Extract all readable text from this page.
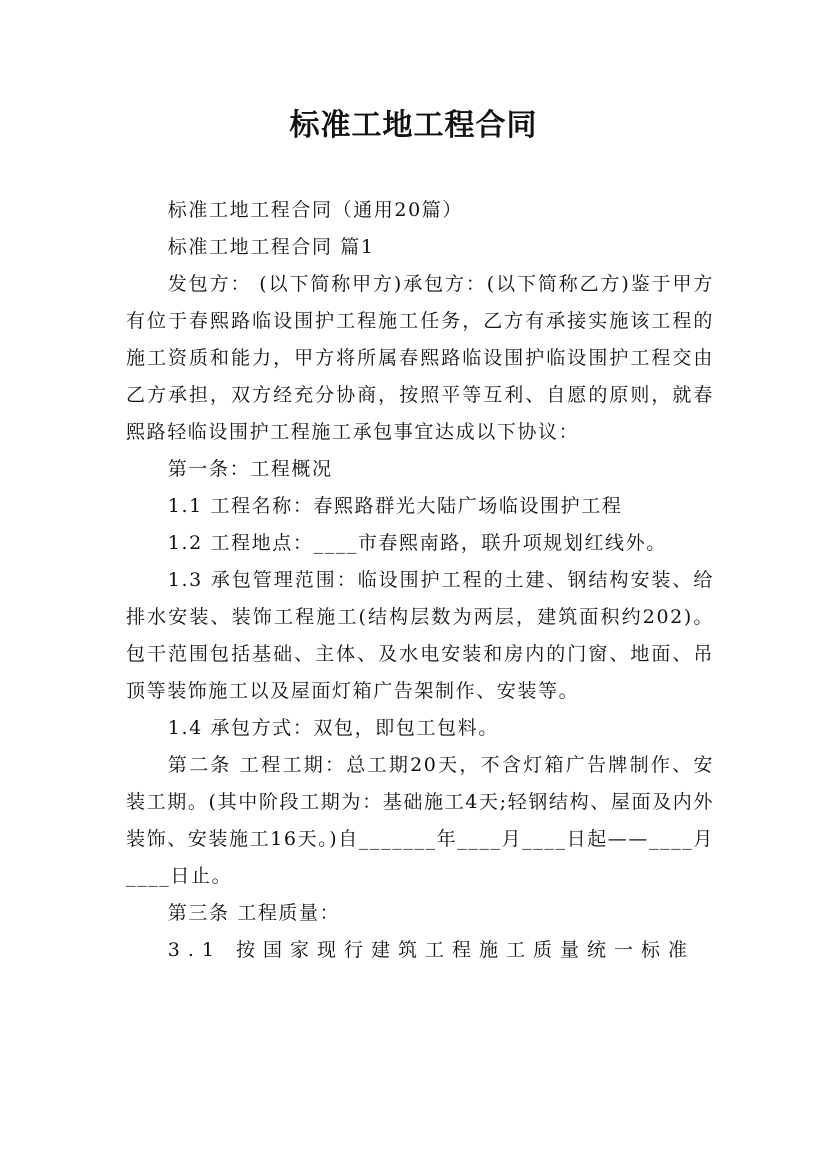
标准工地工程合同

标准工地工程合同（通用20篇）

标准工地工程合同 篇1

发包方： (以下简称甲方)承包方：(以下简称乙方)鉴于甲方有位于春熙路临设围护工程施工任务，乙方有承接实施该工程的施工资质和能力，甲方将所属春熙路临设围护临设围护工程交由乙方承担，双方经充分协商，按照平等互利、自愿的原则，就春熙路轻临设围护工程施工承包事宜达成以下协议：

第一条：工程概况

1.1 工程名称：春熙路群光大陆广场临设围护工程

1.2 工程地点：____市春熙南路，联升项规划红线外。

1.3 承包管理范围：临设围护工程的土建、钢结构安装、给排水安装、装饰工程施工(结构层数为两层，建筑面积约202)。包干范围包括基础、主体、及水电安装和房内的门窗、地面、吊顶等装饰施工以及屋面灯箱广告架制作、安装等。

1.4 承包方式：双包，即包工包料。

第二条 工程工期：总工期20天，不含灯箱广告牌制作、安装工期。(其中阶段工期为：基础施工4天;轻钢结构、屋面及内外装饰、安装施工16天。)自_______年____月____日起——____月____日止。

第三条 工程质量：

3.1 按国家现行建筑工程施工质量统一标准
